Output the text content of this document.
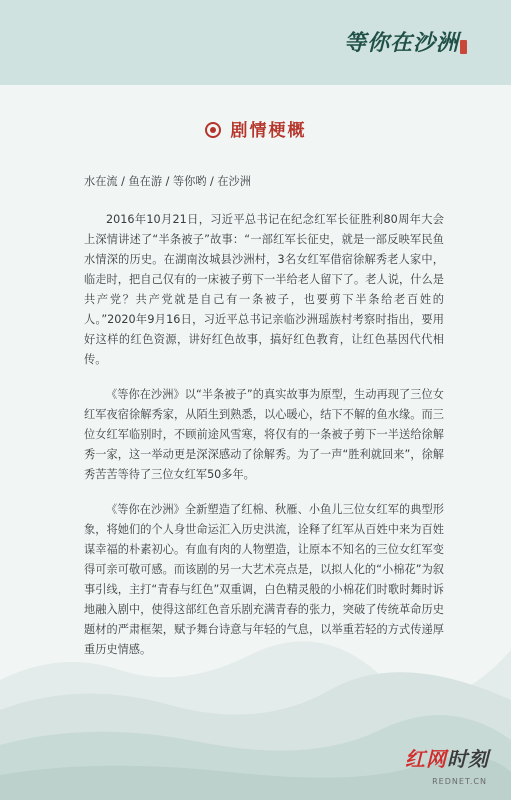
等你在沙洲
剧情梗概

水在流 / 鱼在游 / 等你哟 / 在沙洲

2016年10月21日，习近平总书记在纪念红军长征胜利80周年大会上深情讲述了“半条被子”故事：“一部红军长征史，就是一部反映军民鱼水情深的历史。在湖南汝城县沙洲村，3名女红军借宿徐解秀老人家中，临走时，把自己仅有的一床被子剪下一半给老人留下了。老人说，什么是共产党？共产党就是自己有一条被子，也要剪下半条给老百姓的人。”2020年9月16日，习近平总书记亲临沙洲瑶族村考察时指出，要用好这样的红色资源，讲好红色故事，搞好红色教育，让红色基因代代相传。

《等你在沙洲》以“半条被子”的真实故事为原型，生动再现了三位女红军夜宿徐解秀家，从陌生到熟悉，以心暖心，结下不解的鱼水缘。而三位女红军临别时，不顾前途风雪寒，将仅有的一条被子剪下一半送给徐解秀一家，这一举动更是深深感动了徐解秀。为了一声“胜利就回来”，徐解秀苦苦等待了三位女红军50多年。

《等你在沙洲》全新塑造了红棉、秋雁、小鱼儿三位女红军的典型形象，将她们的个人身世命运汇入历史洪流，诠释了红军从百姓中来为百姓谋幸福的朴素初心。有血有肉的人物塑造，让原本不知名的三位女红军变得可亲可敬可感。而该剧的另一大艺术亮点是，以拟人化的“小棉花”为叙事引线，主打“青春与红色”双重调，白色精灵般的小棉花们时歌时舞时诉地融入剧中，使得这部红色音乐剧充满青春的张力，突破了传统革命历史题材的严肃框架，赋予舞台诗意与年轻的气息，以举重若轻的方式传递厚重历史情感。

红网时刻
REDNET.CN
